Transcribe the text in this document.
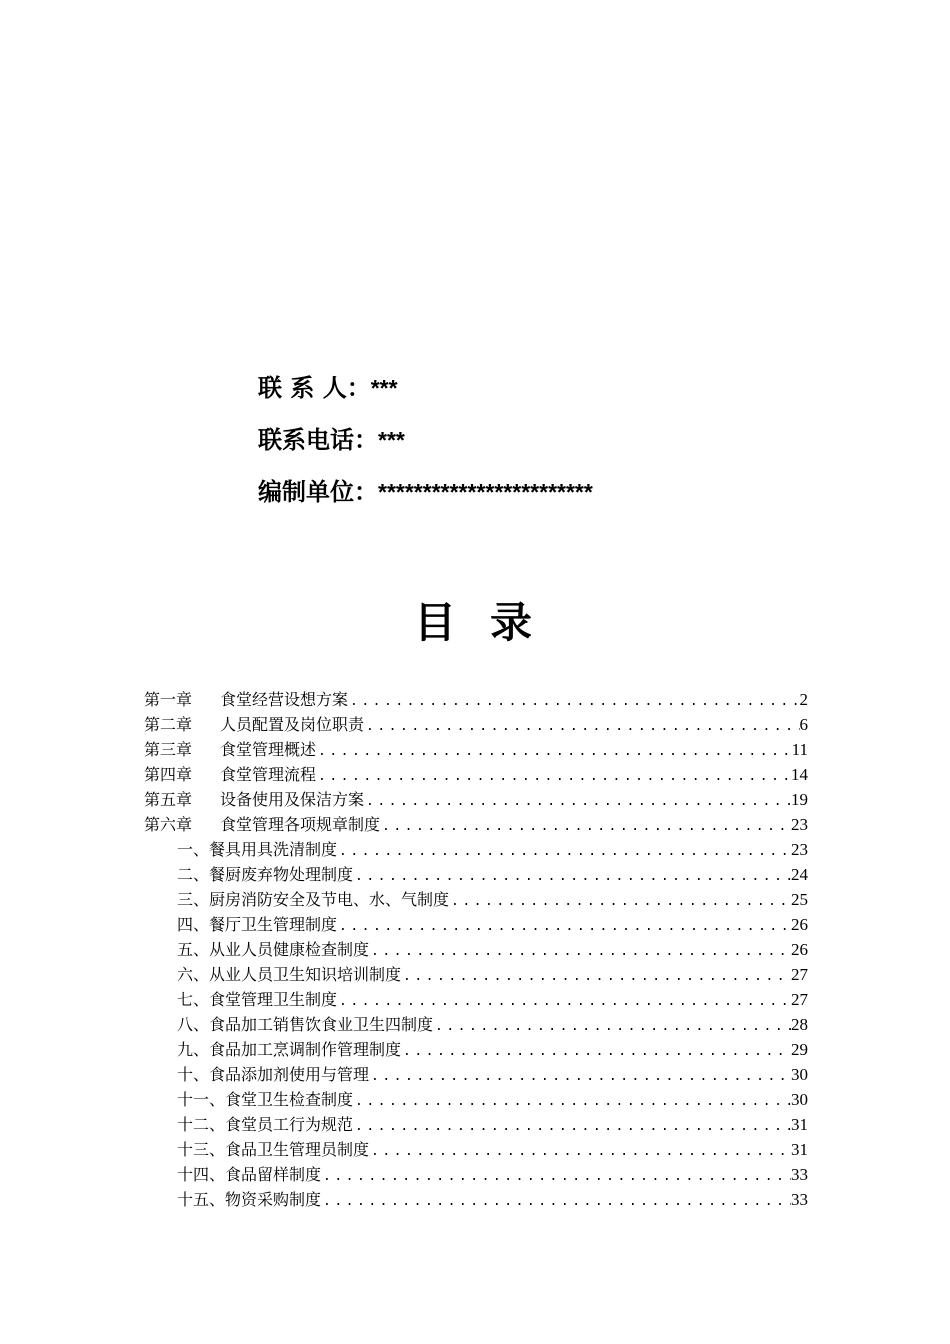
联 系 人：***
联系电话：***
编制单位：************************
目录
第一章	食堂经营设想方案 .....	2
第二章	人员配置及岗位职责 .....	6
第三章	食堂管理概述 .....	11
第四章	食堂管理流程 .....	14
第五章	设备使用及保洁方案 .....	19
第六章	食堂管理各项规章制度 .....	23
一、餐具用具洗清制度 .....	23
二、餐厨废弃物处理制度 .....	24
三、厨房消防安全及节电、水、气制度 .....	25
四、餐厅卫生管理制度 .....	26
五、从业人员健康检查制度 .....	26
六、从业人员卫生知识培训制度 .....	27
七、食堂管理卫生制度 .....	27
八、食品加工销售饮食业卫生四制度 .....	28
九、食品加工烹调制作管理制度 .....	29
十、食品添加剂使用与管理 .....	30
十一、食堂卫生检查制度 .....	30
十二、食堂员工行为规范 .....	31
十三、食品卫生管理员制度 .....	31
十四、食品留样制度 .....	33
十五、物资采购制度 .....	33
